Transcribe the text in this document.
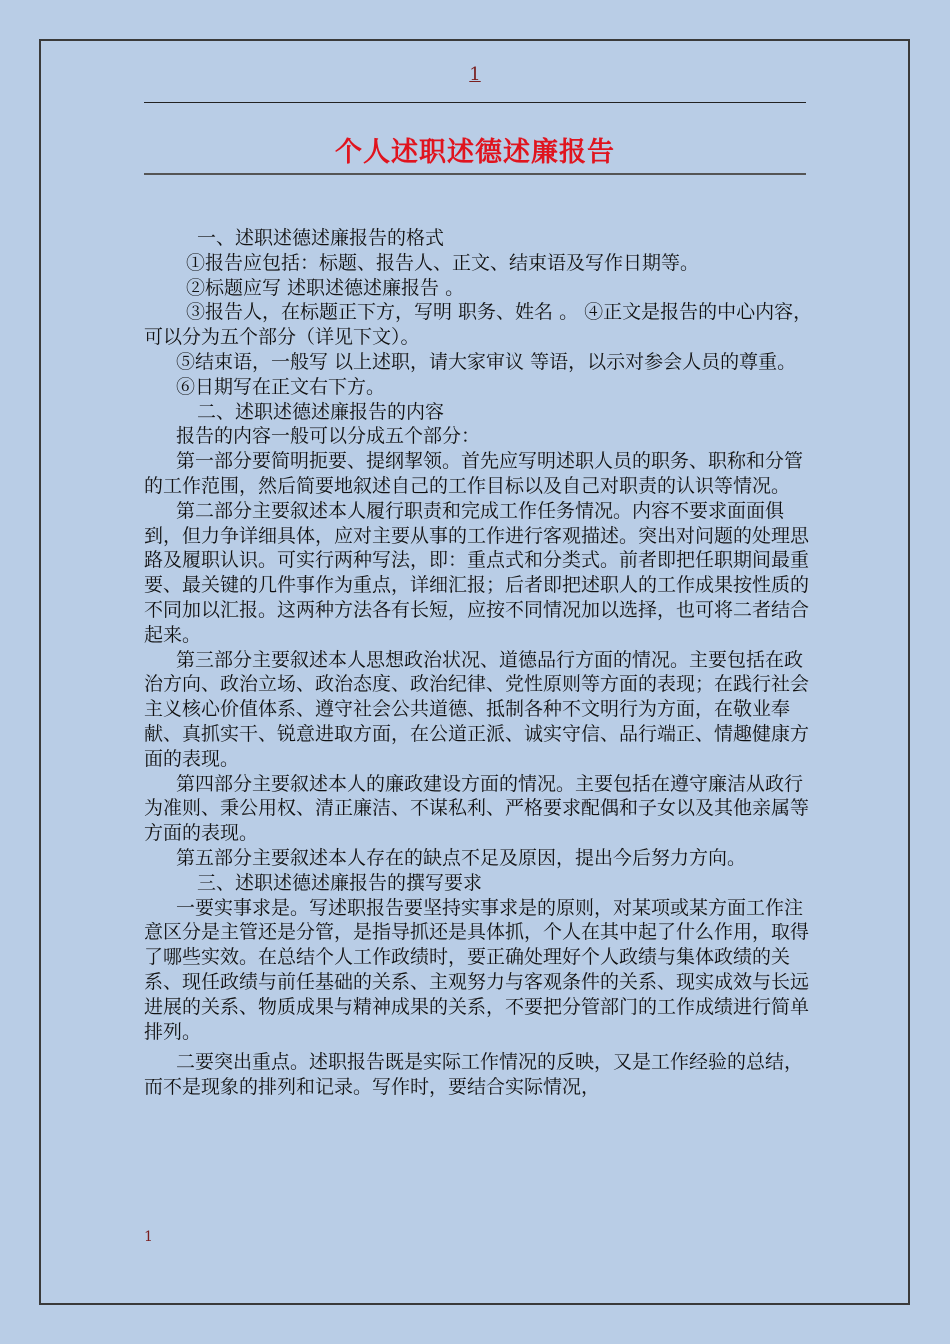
1
个人述职述德述廉报告

一、述职述德述廉报告的格式

①报告应包括：标题、报告人、正文、结束语及写作日期等。

②标题应写 述职述德述廉报告 。

③报告人，在标题正下方，写明 职务、姓名 。 ④正文是报告的中心内容，可以分为五个部分（详见下文）。

⑤结束语，一般写 以上述职，请大家审议 等语，以示对参会人员的尊重。

⑥日期写在正文右下方。

二、述职述德述廉报告的内容

报告的内容一般可以分成五个部分：

第一部分要简明扼要、提纲挈领。首先应写明述职人员的职务、职称和分管的工作范围，然后简要地叙述自己的工作目标以及自己对职责的认识等情况。

第二部分主要叙述本人履行职责和完成工作任务情况。内容不要求面面俱到，但力争详细具体，应对主要从事的工作进行客观描述。突出对问题的处理思路及履职认识。可实行两种写法，即：重点式和分类式。前者即把任职期间最重要、最关键的几件事作为重点，详细汇报；后者即把述职人的工作成果按性质的不同加以汇报。这两种方法各有长短，应按不同情况加以选择，也可将二者结合起来。

第三部分主要叙述本人思想政治状况、道德品行方面的情况。主要包括在政治方向、政治立场、政治态度、政治纪律、党性原则等方面的表现；在践行社会主义核心价值体系、遵守社会公共道德、抵制各种不文明行为方面，在敬业奉献、真抓实干、锐意进取方面，在公道正派、诚实守信、品行端正、情趣健康方面的表现。

第四部分主要叙述本人的廉政建设方面的情况。主要包括在遵守廉洁从政行为准则、秉公用权、清正廉洁、不谋私利、严格要求配偶和子女以及其他亲属等方面的表现。

第五部分主要叙述本人存在的缺点不足及原因，提出今后努力方向。

三、述职述德述廉报告的撰写要求

一要实事求是。写述职报告要坚持实事求是的原则，对某项或某方面工作注意区分是主管还是分管，是指导抓还是具体抓，个人在其中起了什么作用，取得了哪些实效。在总结个人工作政绩时，要正确处理好个人政绩与集体政绩的关系、现任政绩与前任基础的关系、主观努力与客观条件的关系、现实成效与长远进展的关系、物质成果与精神成果的关系，不要把分管部门的工作成绩进行简单排列。

二要突出重点。述职报告既是实际工作情况的反映，又是工作经验的总结，而不是现象的排列和记录。写作时，要结合实际情况，

1
